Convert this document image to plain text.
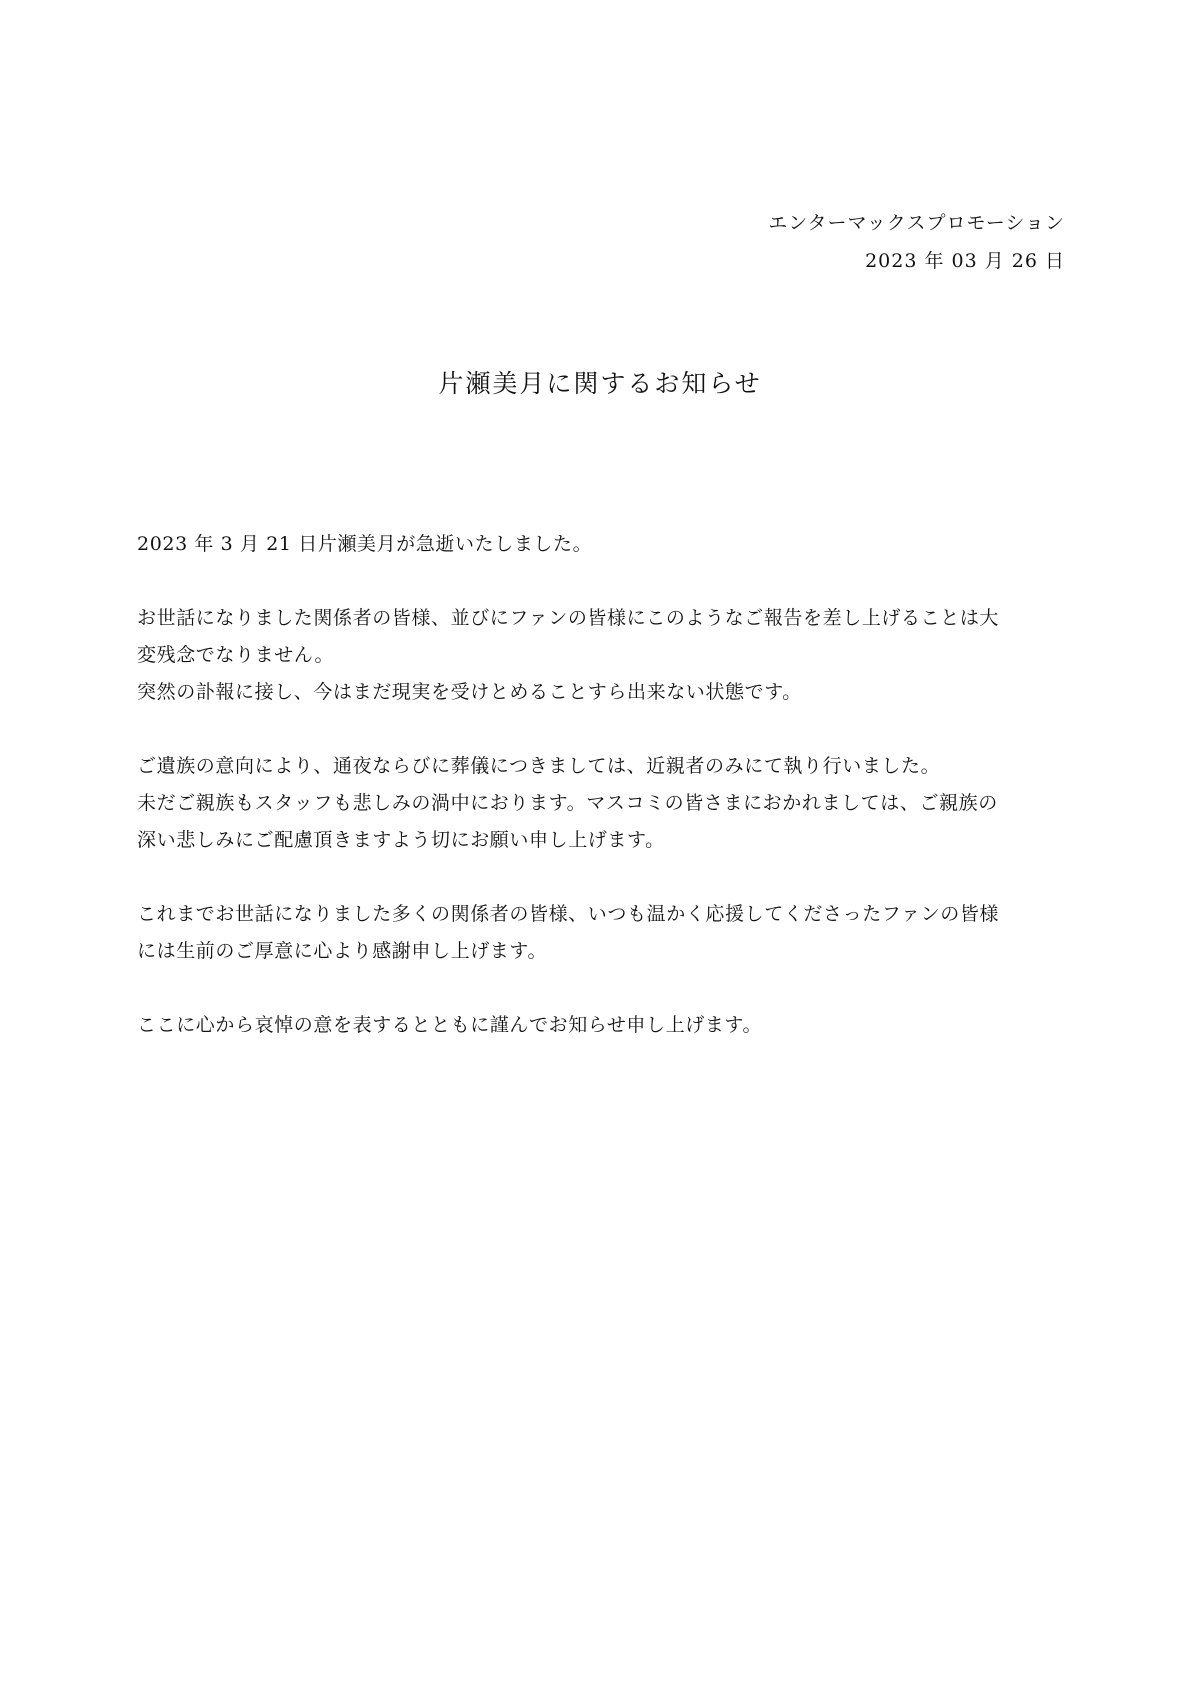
エンターマックスプロモーション
2023 年 03 月 26 日
片瀬美月に関するお知らせ
2023 年 3 月 21 日片瀬美月が急逝いたしました。
お世話になりました関係者の皆様、並びにファンの皆様にこのようなご報告を差し上げることは大
変残念でなりません。
突然の訃報に接し、今はまだ現実を受けとめることすら出来ない状態です。
ご遺族の意向により、通夜ならびに葬儀につきましては、近親者のみにて執り行いました。
未だご親族もスタッフも悲しみの渦中におります。マスコミの皆さまにおかれましては、ご親族の
深い悲しみにご配慮頂きますよう切にお願い申し上げます。
これまでお世話になりました多くの関係者の皆様、いつも温かく応援してくださったファンの皆様
には生前のご厚意に心より感謝申し上げます。
ここに心から哀悼の意を表するとともに謹んでお知らせ申し上げます。
